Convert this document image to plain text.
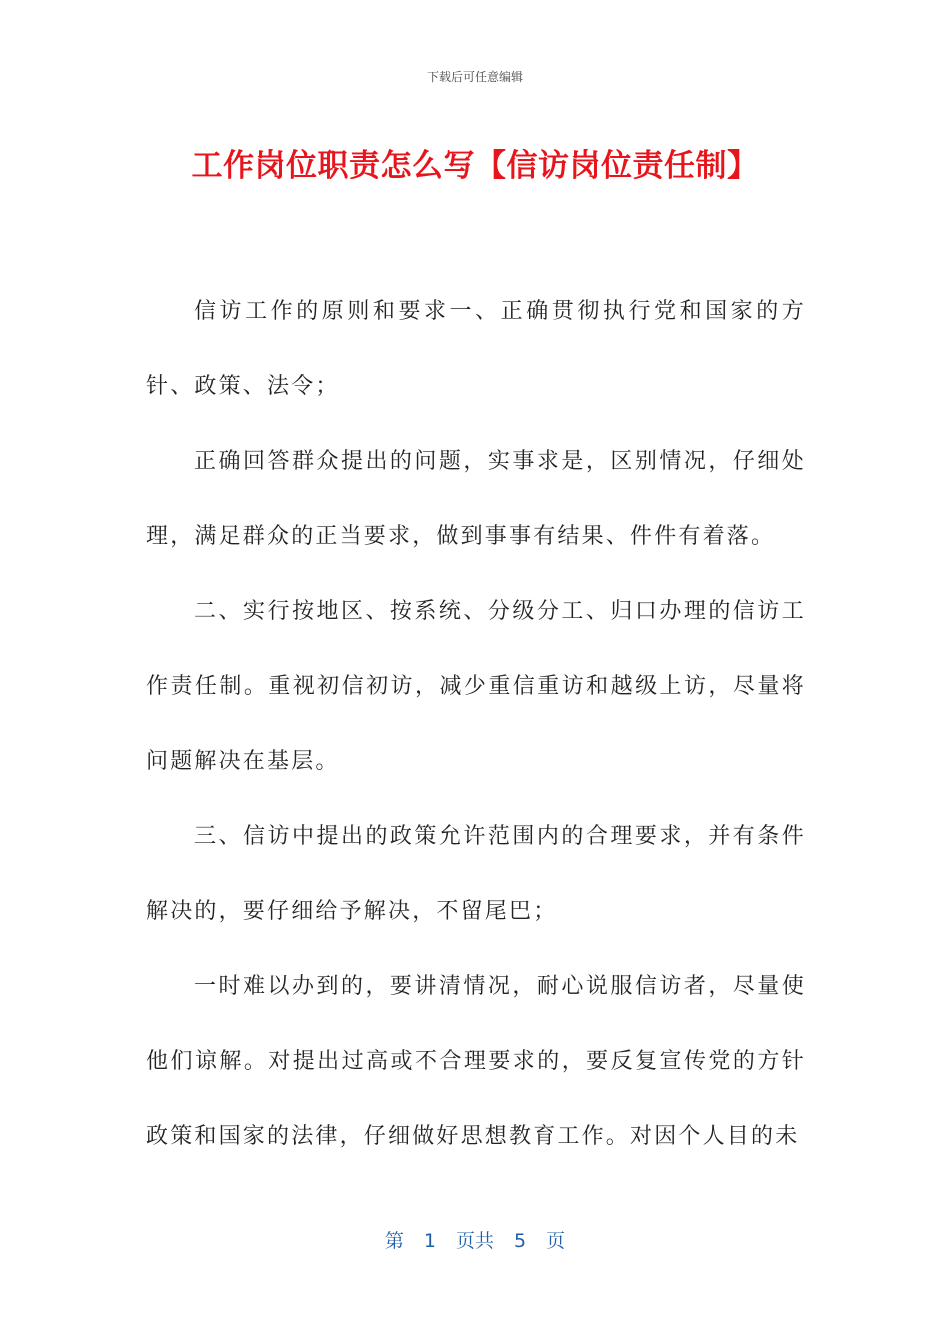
下载后可任意编辑
工作岗位职责怎么写【信访岗位责任制】

信访工作的原则和要求一、正确贯彻执行党和国家的方针、政策、法令；

正确回答群众提出的问题，实事求是，区别情况，仔细处理，满足群众的正当要求，做到事事有结果、件件有着落。

二、实行按地区、按系统、分级分工、归口办理的信访工作责任制。重视初信初访，减少重信重访和越级上访，尽量将问题解决在基层。

三、信访中提出的政策允许范围内的合理要求，并有条件解决的，要仔细给予解决，不留尾巴；

一时难以办到的，要讲清情况，耐心说服信访者，尽量使他们谅解。对提出过高或不合理要求的，要反复宣传党的方针政策和国家的法律，仔细做好思想教育工作。对因个人目的未

第 1 页共 5 页
